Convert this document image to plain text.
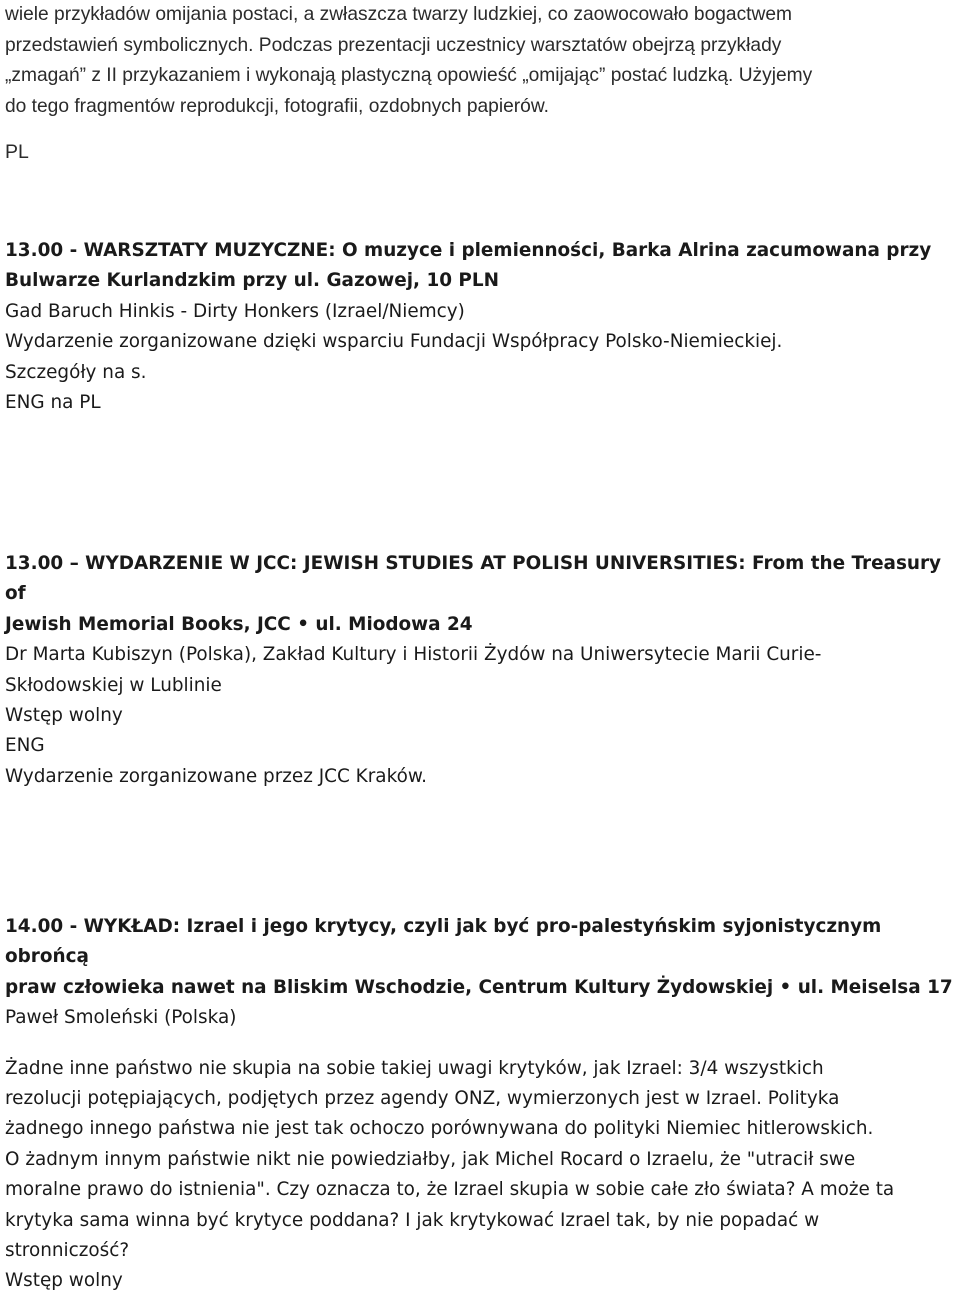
wiele przykładów omijania postaci, a zwłaszcza twarzy ludzkiej, co zaowocowało bogactwem

przedstawień symbolicznych. Podczas prezentacji uczestnicy warsztatów obejrzą przykłady

„zmagań” z II przykazaniem i wykonają plastyczną opowieść „omijając” postać ludzką. Użyjemy

do tego fragmentów reprodukcji, fotografii, ozdobnych papierów.

PL

13.00 - WARSZTATY MUZYCZNE: O muzyce i plemienności, Barka Alrina zacumowana przy

Bulwarze Kurlandzkim przy ul. Gazowej, 10 PLN

Gad Baruch Hinkis - Dirty Honkers (Izrael/Niemcy)

Wydarzenie zorganizowane dzięki wsparciu Fundacji Współpracy Polsko-Niemieckiej.

Szczegóły na s.

ENG na PL

13.00 – WYDARZENIE W JCC: JEWISH STUDIES AT POLISH UNIVERSITIES: From the Treasury of

Jewish Memorial Books, JCC • ul. Miodowa 24

Dr Marta Kubiszyn (Polska), Zakład Kultury i Historii Żydów na Uniwersytecie Marii Curie-

Skłodowskiej w Lublinie

Wstęp wolny

ENG

Wydarzenie zorganizowane przez JCC Kraków.

14.00 - WYKŁAD: Izrael i jego krytycy, czyli jak być pro-palestyńskim syjonistycznym obrońcą

praw człowieka nawet na Bliskim Wschodzie, Centrum Kultury Żydowskiej • ul. Meiselsa 17

Paweł Smoleński (Polska)

Żadne inne państwo nie skupia na sobie takiej uwagi krytyków, jak Izrael: 3/4 wszystkich

rezolucji potępiających, podjętych przez agendy ONZ, wymierzonych jest w Izrael. Polityka

żadnego innego państwa nie jest tak ochoczo porównywana do polityki Niemiec hitlerowskich.

O żadnym innym państwie nikt nie powiedziałby, jak Michel Rocard o Izraelu, że "utracił swe

moralne prawo do istnienia". Czy oznacza to, że Izrael skupia w sobie całe zło świata? A może ta

krytyka sama winna być krytyce poddana? I jak krytykować Izrael tak, by nie popadać w

stronniczość?

Wstęp wolny
